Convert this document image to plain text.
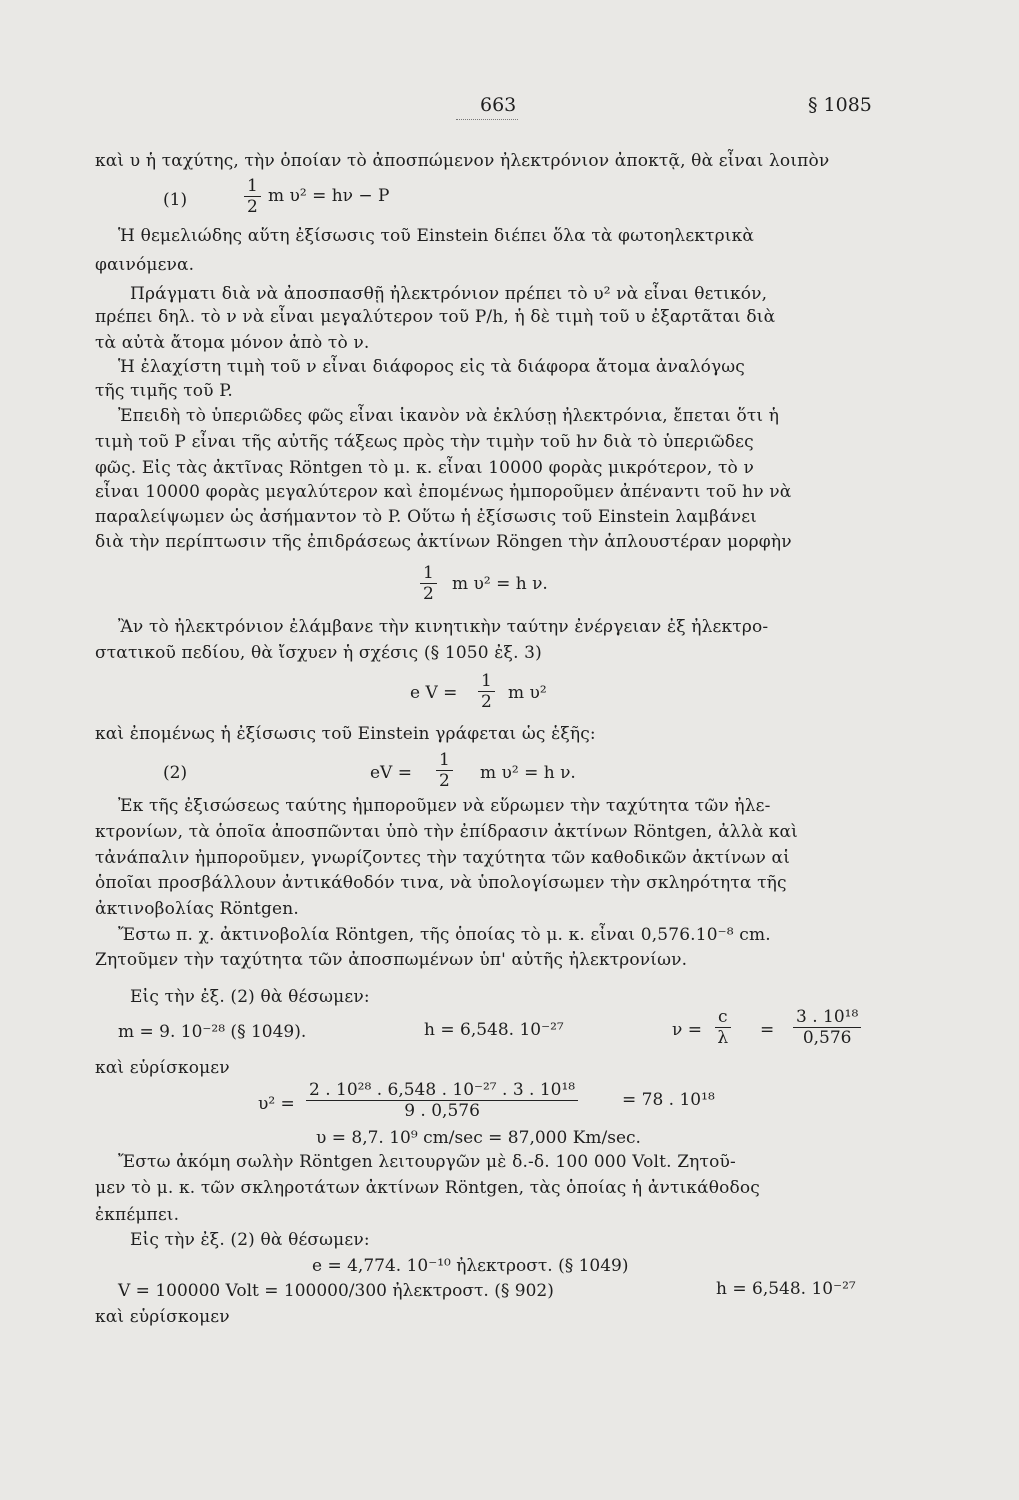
663	§ 1085
καὶ υ ἡ ταχύτης, τὴν ὁποίαν τὸ ἀποσπώμενον ἠλεκτρόνιον ἀποκτᾷ, θὰ εἶναι λοιπὸν
(1)	$\frac{1}{2}$ m υ² = hν − P
Ἡ θεμελιώδης αὕτη ἐξίσωσις τοῦ Einstein διέπει ὅλα τὰ φωτοηλεκτρικὰ
φαινόμενα.
Πράγματι διὰ νὰ ἀποσπασθῇ ἠλεκτρόνιον πρέπει τὸ υ² νὰ εἶναι θετικόν,
πρέπει δηλ. τὸ ν νὰ εἶναι μεγαλύτερον τοῦ P/h, ἡ δὲ τιμὴ τοῦ υ ἐξαρτᾶται διὰ
τὰ αὐτὰ ἄτομα μόνον ἀπὸ τὸ ν.
Ἡ ἐλαχίστη τιμὴ τοῦ ν εἶναι διάφορος εἰς τὰ διάφορα ἄτομα ἀναλόγως
τῆς τιμῆς τοῦ P.
Ἐπειδὴ τὸ ὑπεριῶδες φῶς εἶναι ἱκανὸν νὰ ἐκλύσῃ ἠλεκτρόνια, ἔπεται ὅτι ἡ
τιμὴ τοῦ P εἶναι τῆς αὐτῆς τάξεως πρὸς τὴν τιμὴν τοῦ hν διὰ τὸ ὑπεριῶδες
φῶς. Εἰς τὰς ἀκτῖνας Röntgen τὸ μ. κ. εἶναι 10000 φορὰς μικρότερον, τὸ ν
εἶναι 10000 φορὰς μεγαλύτερον καὶ ἐπομένως ἠμποροῦμεν ἀπέναντι τοῦ hν νὰ
παραλείψωμεν ὡς ἀσήμαντον τὸ P. Οὕτω ἡ ἐξίσωσις τοῦ Einstein λαμβάνει
διὰ τὴν περίπτωσιν τῆς ἐπιδράσεως ἀκτίνων Röngen τὴν ἁπλουστέραν μορφὴν
$\frac{1}{2}$ m υ² = h ν.
Ἂν τὸ ἠλεκτρόνιον ἐλάμβανε τὴν κινητικὴν ταύτην ἐνέργειαν ἐξ ἠλεκτρο-
στατικοῦ πεδίου, θὰ ἴσχυεν ἡ σχέσις (§ 1050 ἐξ. 3)
e $V = \frac{1}{2}$ m υ²
καὶ ἐπομένως ἡ ἐξίσωσις τοῦ Einstein γράφεται ὡς ἑξῆς:
(2)	eV = $\frac{1}{2}$ m υ² = h ν.
Ἐκ τῆς ἐξισώσεως ταύτης ἠμποροῦμεν νὰ εὕρωμεν τὴν ταχύτητα τῶν ἠλε-
κτρονίων, τὰ ὁποῖα ἀποσπῶνται ὑπὸ τὴν ἐπίδρασιν ἀκτίνων Röntgen, ἀλλὰ καὶ
τἀνάπαλιν ἠμποροῦμεν, γνωρίζοντες τὴν ταχύτητα τῶν καθοδικῶν ἀκτίνων αἱ
ὁποῖαι προσβάλλουν ἀντικάθοδόν τινα, νὰ ὑπολογίσωμεν τὴν σκληρότητα τῆς
ἀκτινοβολίας Röntgen.
Ἔστω π. χ. ἀκτινοβολία Röntgen, τῆς ὁποίας τὸ μ. κ. εἶναι 0,576.10⁻⁸ cm.
Ζητοῦμεν τὴν ταχύτητα τῶν ἀποσπωμένων ὑπ' αὐτῆς ἠλεκτρονίων.
Εἰς τὴν ἐξ. (2) θὰ θέσωμεν:
m = 9. 10⁻²⁸ (§ 1049).	h = 6,548. 10⁻²⁷	$\nu = \frac{c}{\lambda} = \frac{\text{3 . 10¹⁸}}{0,576}$
καὶ εὑρίσκομεν
$\upsilon^2 = \frac{\text{2 . 10²⁸ . 6,548 . 10⁻²⁷ . 3 . 10¹⁸}}{9 . 0,576}$	= 78 . 10¹⁸
υ = 8,7. 10⁹ cm/sec = 87,000 Km/sec.
Ἔστω ἀκόμη σωλὴν Röntgen λειτουργῶν μὲ δ.-δ. 100 000 Volt. Ζητοῦ-
μεν τὸ μ. κ. τῶν σκληροτάτων ἀκτίνων Röntgen, τὰς ὁποίας ἡ ἀντικάθοδος
ἐκπέμπει.
Εἰς τὴν ἐξ. (2) θὰ θέσωμεν:
e = 4,774. 10⁻¹⁰ ἠλεκτροστ. (§ 1049)
V = 100000 Volt = 100000/300 ἠλεκτροστ. (§ 902)	h = 6,548. 10⁻²⁷
καὶ εὑρίσκομεν
